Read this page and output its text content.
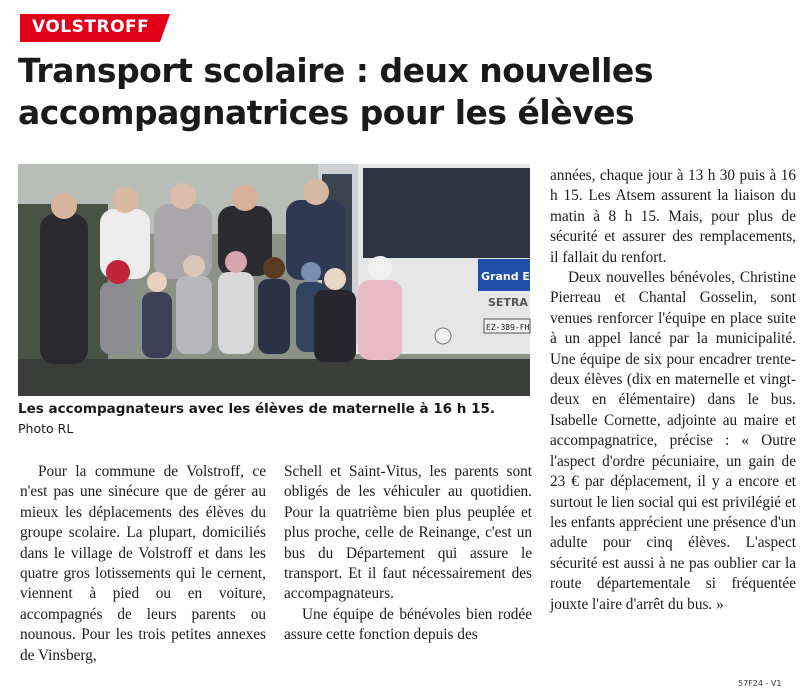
VOLSTROFF
Transport scolaire : deux nouvelles
accompagnatrices pour les élèves
Grand Est
SETRA
EZ-389-FH
Les accompagnateurs avec les élèves de maternelle à 16 h 15. Photo RL

Pour la commune de Volstroff, ce n'est pas une sinécure que de gérer au mieux les déplacements des élèves du groupe scolaire. La plupart, domiciliés dans le village de Volstroff et dans les quatre gros lotissements qui le cernent, viennent à pied ou en voiture, accompagnés de leurs parents ou nounous. Pour les trois petites annexes de Vinsberg,

Schell et Saint-Vitus, les parents sont obligés de les véhiculer au quotidien. Pour la quatrième bien plus peuplée et plus proche, celle de Reinange, c'est un bus du Département qui assure le transport. Et il faut nécessairement des accompagnateurs.

Une équipe de bénévoles bien rodée assure cette fonction depuis des

années, chaque jour à 13 h 30 puis à 16 h 15. Les Atsem assurent la liaison du matin à 8 h 15. Mais, pour plus de sécurité et assurer des remplacements, il fallait du renfort.

Deux nouvelles bénévoles, Christine Pierreau et Chantal Gosselin, sont venues renforcer l'équipe en place suite à un appel lancé par la municipalité. Une équipe de six pour encadrer trente-deux élèves (dix en maternelle et vingt-deux en élémentaire) dans le bus. Isabelle Cornette, adjointe au maire et accompagnatrice, précise : « Outre l'aspect d'ordre pécuniaire, un gain de 23 € par déplacement, il y a encore et surtout le lien social qui est privilégié et les enfants apprécient une présence d'un adulte pour cinq élèves. L'aspect sécurité est aussi à ne pas oublier car la route départementale si fréquentée jouxte l'aire d'arrêt du bus. »

57F24 - V1
